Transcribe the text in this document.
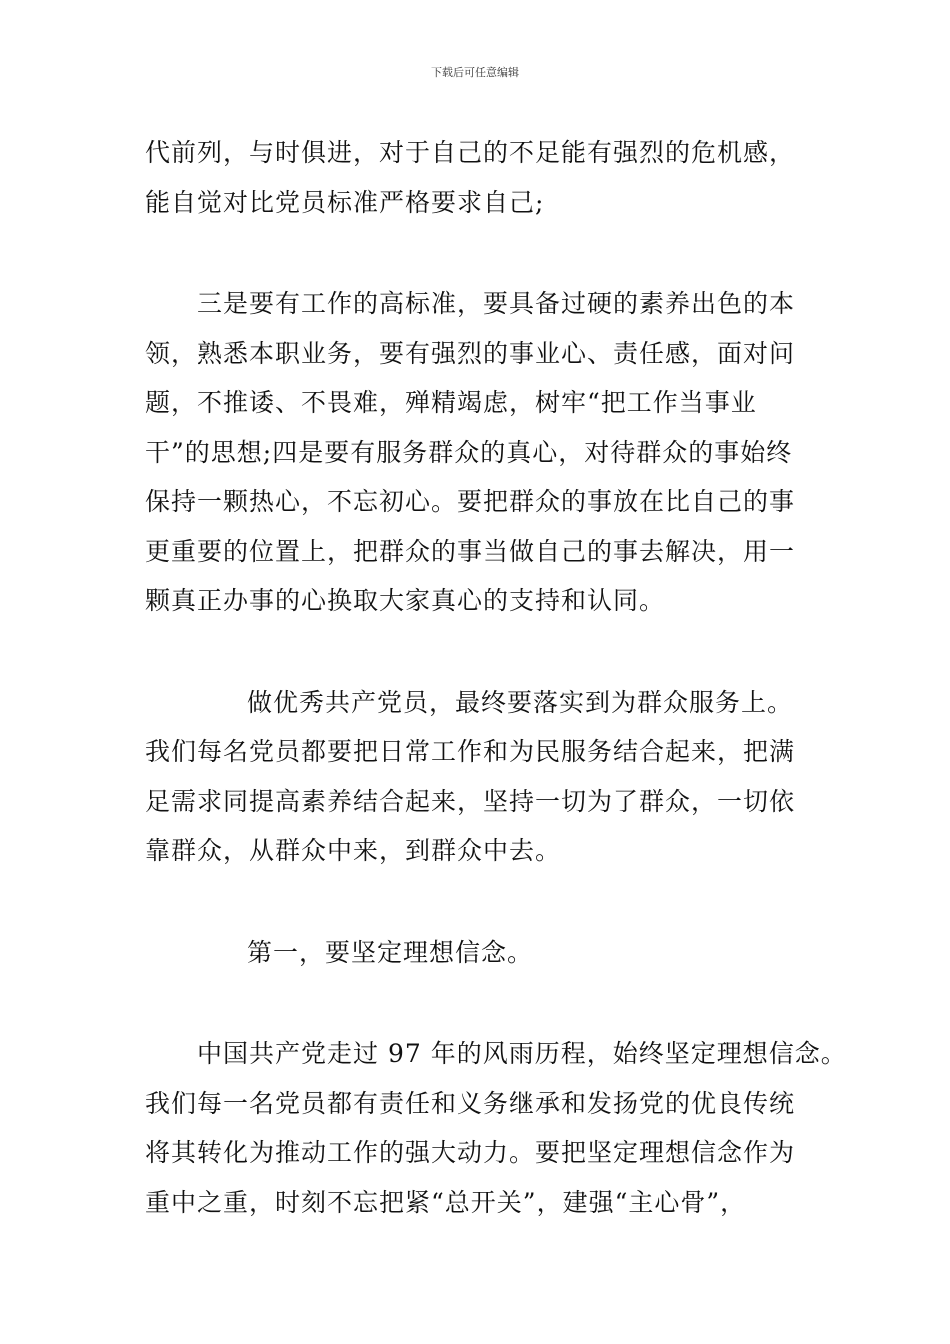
下载后可任意编辑

代前列，与时俱进，对于自己的不足能有强烈的危机感，
能自觉对比党员标准严格要求自己;

三是要有工作的高标准，要具备过硬的素养出色的本
领，熟悉本职业务，要有强烈的事业心、责任感，面对问
题，不推诿、不畏难，殚精竭虑，树牢“把工作当事业
干”的思想;四是要有服务群众的真心，对待群众的事始终
保持一颗热心，不忘初心。要把群众的事放在比自己的事
更重要的位置上，把群众的事当做自己的事去解决，用一
颗真正办事的心换取大家真心的支持和认同。

做优秀共产党员，最终要落实到为群众服务上。
我们每名党员都要把日常工作和为民服务结合起来，把满
足需求同提高素养结合起来，坚持一切为了群众，一切依
靠群众，从群众中来，到群众中去。

第一，要坚定理想信念。

中国共产党走过 97 年的风雨历程，始终坚定理想信念。
我们每一名党员都有责任和义务继承和发扬党的优良传统
将其转化为推动工作的强大动力。要把坚定理想信念作为
重中之重，时刻不忘把紧“总开关”，建强“主心骨”，
